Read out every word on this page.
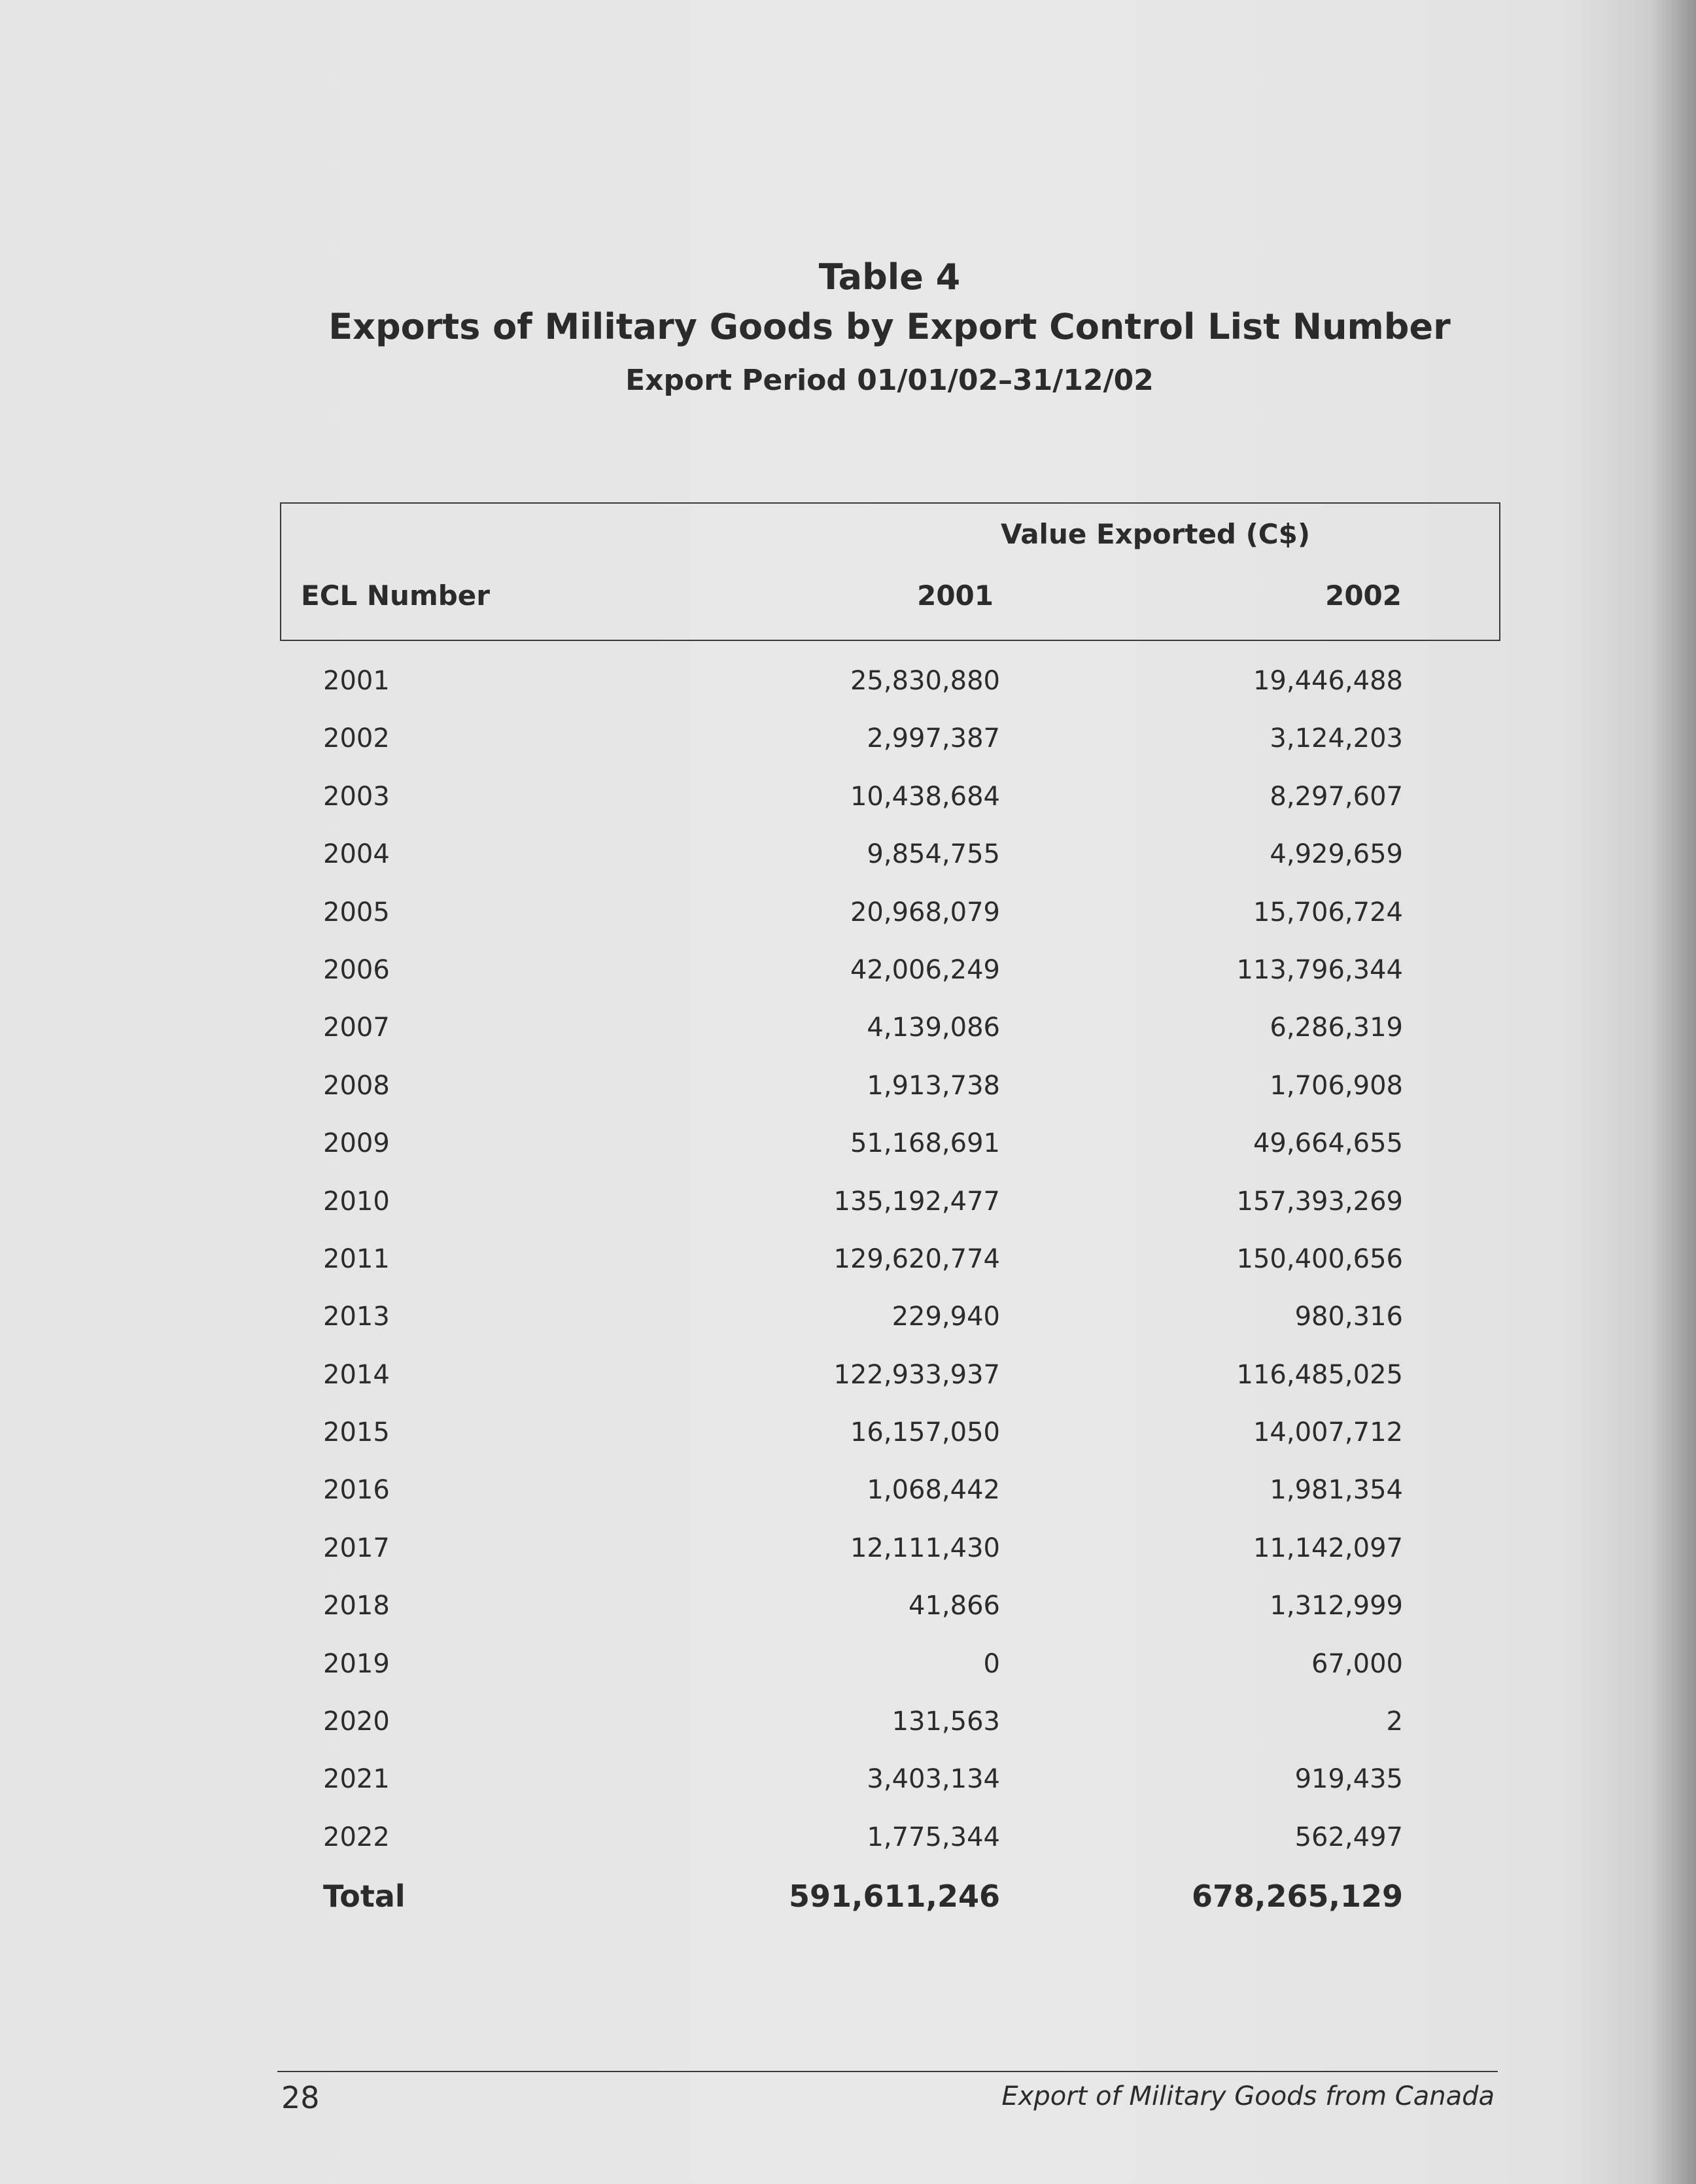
Table 4
Exports of Military Goods by Export Control List Number
Export Period 01/01/02–31/12/02
Value Exported (C$)
ECL Number	2001	2002
2001	25,830,880	19,446,488
2002	2,997,387	3,124,203
2003	10,438,684	8,297,607
2004	9,854,755	4,929,659
2005	20,968,079	15,706,724
2006	42,006,249	113,796,344
2007	4,139,086	6,286,319
2008	1,913,738	1,706,908
2009	51,168,691	49,664,655
2010	135,192,477	157,393,269
2011	129,620,774	150,400,656
2013	229,940	980,316
2014	122,933,937	116,485,025
2015	16,157,050	14,007,712
2016	1,068,442	1,981,354
2017	12,111,430	11,142,097
2018	41,866	1,312,999
2019	0	67,000
2020	131,563	2
2021	3,403,134	919,435
2022	1,775,344	562,497
Total	591,611,246	678,265,129
28	Export of Military Goods from Canada
